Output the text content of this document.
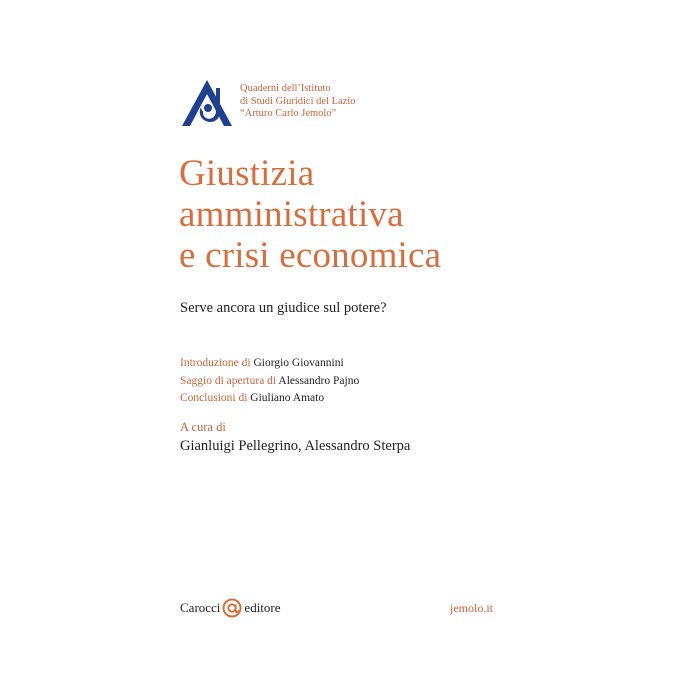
Quaderni dell’Istituto
di Studi Giuridici del Lazio
“Arturo Carlo Jemolo”
Giustizia
amministrativa
e crisi economica
Serve ancora un giudice sul potere?
Introduzione di Giorgio Giovannini
Saggio di apertura di Alessandro Pajno
Conclusioni di Giuliano Amato
A cura di
Gianluigi Pellegrino, Alessandro Sterpa
Carocci editore	jemolo.it
